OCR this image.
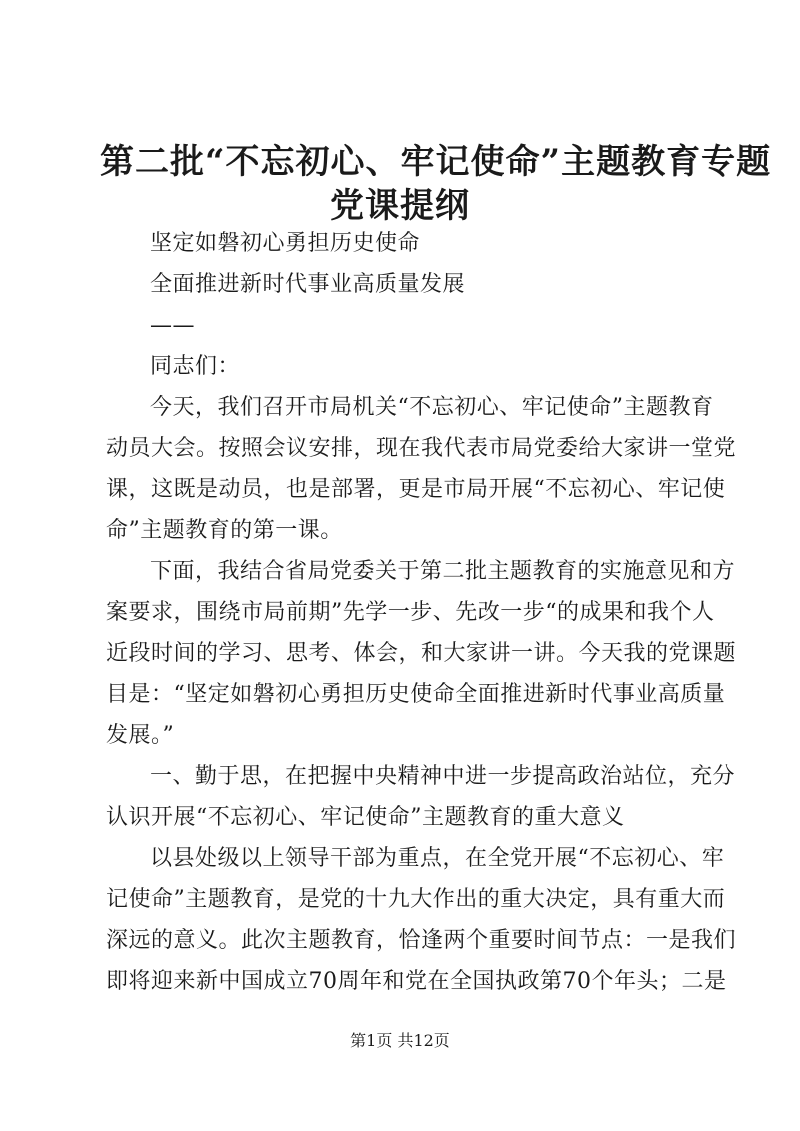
第二批“不忘初心、牢记使命”主题教育专题
党课提纲
坚定如磐初心勇担历史使命
全面推进新时代事业高质量发展
——
同志们：
今天，我们召开市局机关“不忘初心、牢记使命”主题教育
动员大会。按照会议安排，现在我代表市局党委给大家讲一堂党
课，这既是动员，也是部署，更是市局开展“不忘初心、牢记使
命”主题教育的第一课。
下面，我结合省局党委关于第二批主题教育的实施意见和方
案要求，围绕市局前期”先学一步、先改一步“的成果和我个人
近段时间的学习、思考、体会，和大家讲一讲。今天我的党课题
目是：“坚定如磐初心勇担历史使命全面推进新时代事业高质量
发展。”
一、勤于思，在把握中央精神中进一步提高政治站位，充分
认识开展“不忘初心、牢记使命”主题教育的重大意义
以县处级以上领导干部为重点，在全党开展“不忘初心、牢
记使命”主题教育，是党的十九大作出的重大决定，具有重大而
深远的意义。此次主题教育，恰逢两个重要时间节点：一是我们
即将迎来新中国成立70周年和党在全国执政第70个年头；二是
第1页 共12页
